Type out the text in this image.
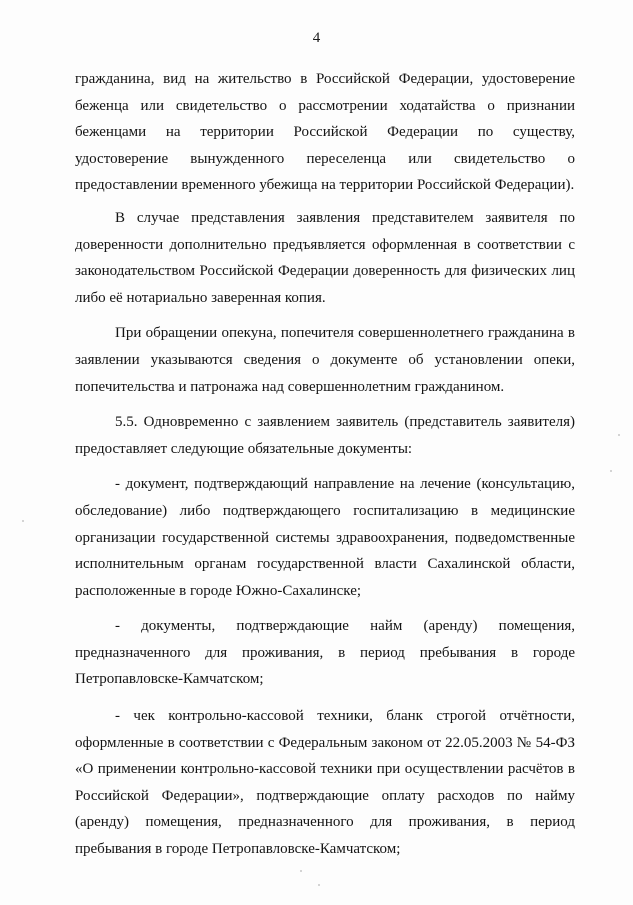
4
гражданина, вид на жительство в Российской Федерации, удостоверение
беженца или свидетельство о рассмотрении ходатайства о признании
беженцами на территории Российской Федерации по существу,
удостоверение вынужденного переселенца или свидетельство о
предоставлении временного убежища на территории Российской Федерации).

В случае представления заявления представителем заявителя по доверенности дополнительно предъявляется оформленная в соответствии с законодательством Российской Федерации доверенность для физических лиц либо её нотариально заверенная копия.

При обращении опекуна, попечителя совершеннолетнего гражданина в заявлении указываются сведения о документе об установлении опеки, попечительства и патронажа над совершеннолетним гражданином.

5.5. Одновременно с заявлением заявитель (представитель заявителя) предоставляет следующие обязательные документы:

- документ, подтверждающий направление на лечение (консультацию, обследование) либо подтверждающего госпитализацию в медицинские организации государственной системы здравоохранения, подведомственные исполнительным органам государственной власти Сахалинской области, расположенные в городе Южно-Сахалинске;

- документы, подтверждающие найм (аренду) помещения, предназначенного для проживания, в период пребывания в городе Петропавловске-Камчатском;

- чек контрольно-кассовой техники, бланк строгой отчётности, оформленные в соответствии с Федеральным законом от 22.05.2003 № 54-ФЗ «О применении контрольно-кассовой техники при осуществлении расчётов в Российской Федерации», подтверждающие оплату расходов по найму (аренду) помещения, предназначенного для проживания, в период пребывания в городе Петропавловске-Камчатском;
